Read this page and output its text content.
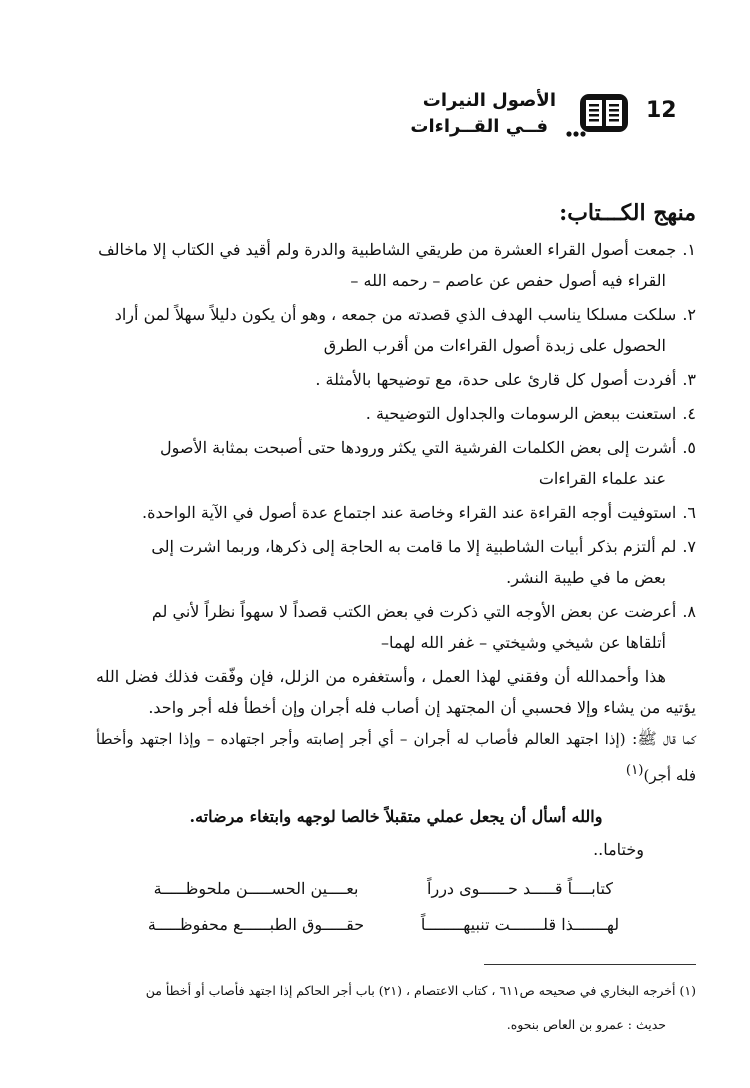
12
الأصول النيرات
فــي القــراءات
منهج الكـــتاب:
١.جمعت أصول القراء العشرة من طريقي الشاطبية والدرة ولم أقيد في الكتاب إلا ماخالف
القراء فيه أصول حفص عن عاصم – رحمه الله –
٢.سلكت مسلكا يناسب الهدف الذي قصدته من جمعه ، وهو أن يكون دليلاً سهلاً لمن أراد
الحصول على زبدة أصول القراءات من أقرب الطرق
٣.أفردت أصول كل قارئ على حدة، مع توضيحها بالأمثلة .
٤.استعنت ببعض الرسومات والجداول التوضيحية .
٥.أشرت إلى بعض الكلمات الفرشية التي يكثر ورودها حتى أصبحت بمثابة الأصول
عند علماء القراءات
٦.استوفيت أوجه القراءة عند القراء وخاصة عند اجتماع عدة أصول في الآية الواحدة.
٧.لم ألتزم بذكر أبيات الشاطبية إلا ما قامت به الحاجة إلى ذكرها، وربما اشرت إلى
بعض ما في طيبة النشر.
٨.أعرضت عن بعض الأوجه التي ذكرت في بعض الكتب قصداً لا سهواً نظراً لأني لم
أتلقاها عن شيخي وشيختي – غفر الله لهما–

هذا وأحمدالله أن وفقني لهذا العمل ، وأستغفره من الزلل، فإن وفّقت فذلك فضل الله يؤتيه من يشاء وإلا فحسبي أن المجتهد إن أصاب فله أجران وإن أخطأ فله أجر واحد.

كما قال ﷺ: (إذا اجتهد العالم فأصاب له أجران – أي أجر إصابته وأجر اجتهاده – وإذا اجتهد وأخطأ فله أجر)$^{(١)}$

والله أسأل أن يجعل عملي متقبلاً خالصا لوجهه وابتغاء مرضاته.
وختاما..
كتابــــاً قـــــد حــــــوى درراً
بعــــين الحســـــن ملحوظـــــة
لهـــــــذا قلـــــــت تنبيهــــــــاً
حقـــــوق الطبــــــع محفوظـــــة
(١) أخرجه البخاري في صحيحه ص٦١١ ، كتاب الاعتصام ، (٢١) باب أجر الحاكم إذا اجتهد فأصاب أو أخطأ من
حديث : عمرو بن العاص بنحوه.
